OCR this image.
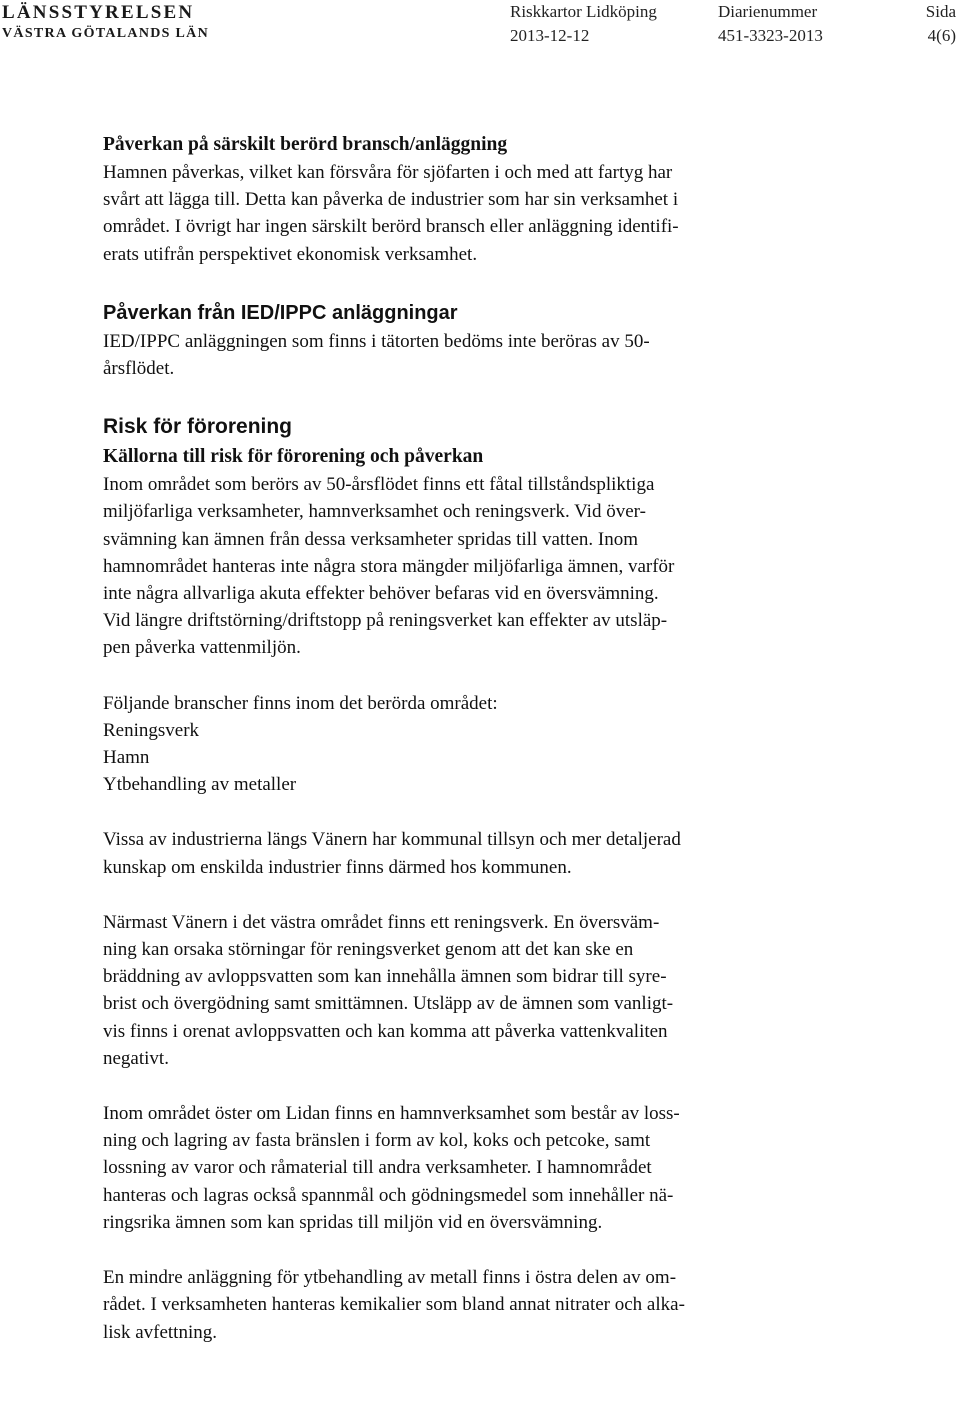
LÄNSSTYRELSEN
VÄSTRA GÖTALANDS LÄN
Riskkartor Lidköping
2013-12-12
Diarienummer
451-3323-2013
Sida
4(6)
Påverkan på särskilt berörd bransch/anläggning

Hamnen påverkas, vilket kan försvåra för sjöfarten i och med att fartyg har
svårt att lägga till. Detta kan påverka de industrier som har sin verksamhet i
området. I övrigt har ingen särskilt berörd bransch eller anläggning identifi-
erats utifrån perspektivet ekonomisk verksamhet.

Påverkan från IED/IPPC anläggningar

IED/IPPC anläggningen som finns i tätorten bedöms inte beröras av 50-
årsflödet.

Risk för förorening
Källorna till risk för förorening och påverkan

Inom området som berörs av 50-årsflödet finns ett fåtal tillståndspliktiga
miljöfarliga verksamheter, hamnverksamhet och reningsverk. Vid över-
svämning kan ämnen från dessa verksamheter spridas till vatten. Inom
hamnområdet hanteras inte några stora mängder miljöfarliga ämnen, varför
inte några allvarliga akuta effekter behöver befaras vid en översvämning.
Vid längre driftstörning/driftstopp på reningsverket kan effekter av utsläp-
pen påverka vattenmiljön.

Följande branscher finns inom det berörda området:
Reningsverk
Hamn
Ytbehandling av metaller

Vissa av industrierna längs Vänern har kommunal tillsyn och mer detaljerad
kunskap om enskilda industrier finns därmed hos kommunen.

Närmast Vänern i det västra området finns ett reningsverk. En översväm-
ning kan orsaka störningar för reningsverket genom att det kan ske en
bräddning av avloppsvatten som kan innehålla ämnen som bidrar till syre-
brist och övergödning samt smittämnen. Utsläpp av de ämnen som vanligt-
vis finns i orenat avloppsvatten och kan komma att påverka vattenkvaliten
negativt.

Inom området öster om Lidan finns en hamnverksamhet som består av loss-
ning och lagring av fasta bränslen i form av kol, koks och petcoke, samt
lossning av varor och råmaterial till andra verksamheter. I hamnområdet
hanteras och lagras också spannmål och gödningsmedel som innehåller nä-
ringsrika ämnen som kan spridas till miljön vid en översvämning.

En mindre anläggning för ytbehandling av metall finns i östra delen av om-
rådet. I verksamheten hanteras kemikalier som bland annat nitrater och alka-
lisk avfettning.
